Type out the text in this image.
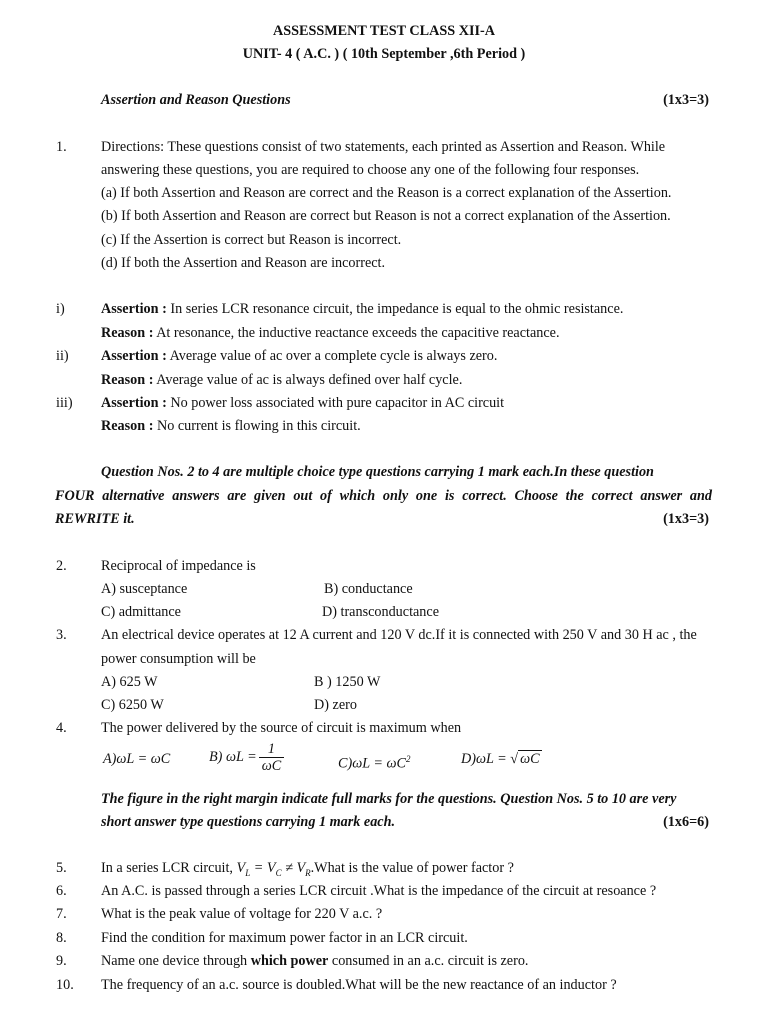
ASSESSMENT TEST CLASS XII-A
UNIT- 4 ( A.C. ) ( 10th September ,6th Period )
Assertion and Reason Questions	(1x3=3)
1. Directions: These questions consist of two statements, each printed as Assertion and Reason. While
answering these questions, you are required to choose any one of the following four responses.
(a) If both Assertion and Reason are correct and the Reason is a correct explanation of the Assertion.
(b) If both Assertion and Reason are correct but Reason is not a correct explanation of the Assertion.
(c) If the Assertion is correct but Reason is incorrect.
(d) If both the Assertion and Reason are incorrect.
i)	Assertion : In series LCR resonance circuit, the impedance is equal to the ohmic resistance.
Reason : At resonance, the inductive reactance exceeds the capacitive reactance.
ii) Assertion : Average value of ac over a complete cycle is always zero.
Reason : Average value of ac is always defined over half cycle.
iii) Assertion : No power loss associated with pure capacitor in AC circuit
Reason : No current is flowing in this circuit.
Question Nos. 2 to 4 are multiple choice type questions carrying 1 mark each.In these question
FOUR alternative answers are given out of which only one is correct. Choose the correct answer and
REWRITE it.	(1x3=3)
2. Reciprocal of impedance is
A) susceptance	B) conductance
C) admittance	D) transconductance
3. An electrical device operates at 12 A current and 120 V dc.If it is connected with 250 V and 30 H ac , the
power consumption will be
A) 625 W	B ) 1250 W
C) 6250 W	D) zero
4. The power delivered by the source of circuit is maximum when
A)ωL = ωC	B) $\omega L = \frac{1}{\omega C}$	$C)\omega L = \omega C^2$	D)ωL = √ ωC
The figure in the right margin indicate full marks for the questions. Question Nos. 5 to 10 are very
short answer type questions carrying 1 mark each.	(1x6=6)
5. In a series LCR circuit, $V_L = V_C$ ≠ $V_R.What$ is the value of power factor ?
6. An A.C. is passed through a series LCR circuit .What is the impedance of the circuit at resoance ?
7. What is the peak value of voltage for 220 V a.c. ?
8. Find the condition for maximum power factor in an LCR circuit.
9. Name one device through which power consumed in an a.c. circuit is zero.
10. The frequency of an a.c. source is doubled.What will be the new reactance of an inductor ?
